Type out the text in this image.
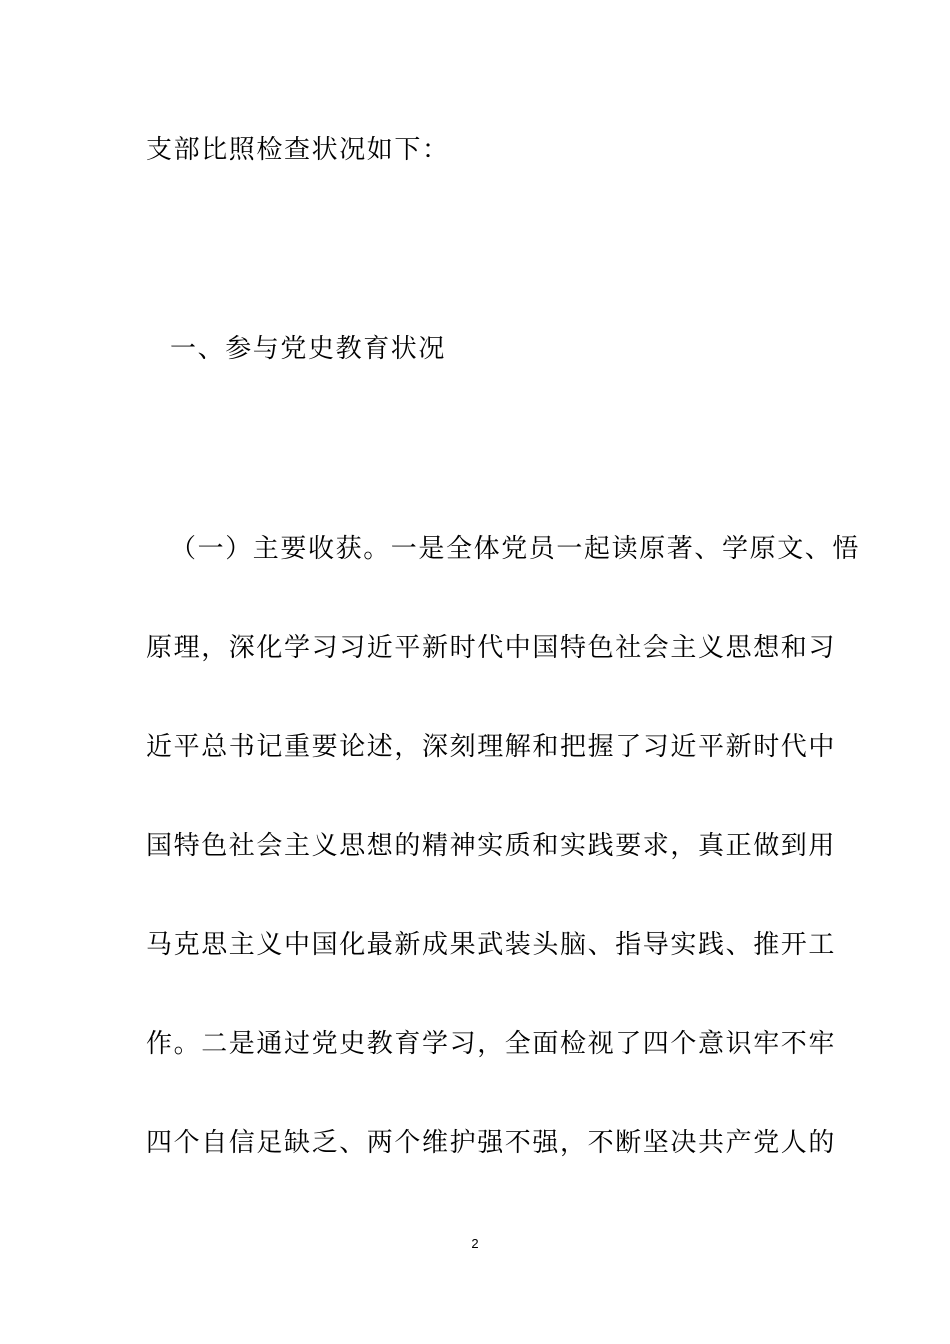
支部比照检查状况如下：
一、参与党史教育状况
（一）主要收获。一是全体党员一起读原著、学原文、悟
原理，深化学习习近平新时代中国特色社会主义思想和习
近平总书记重要论述，深刻理解和把握了习近平新时代中
国特色社会主义思想的精神实质和实践要求，真正做到用
马克思主义中国化最新成果武装头脑、指导实践、推开工
作。二是通过党史教育学习，全面检视了四个意识牢不牢
四个自信足缺乏、两个维护强不强，不断坚决共产党人的
2
